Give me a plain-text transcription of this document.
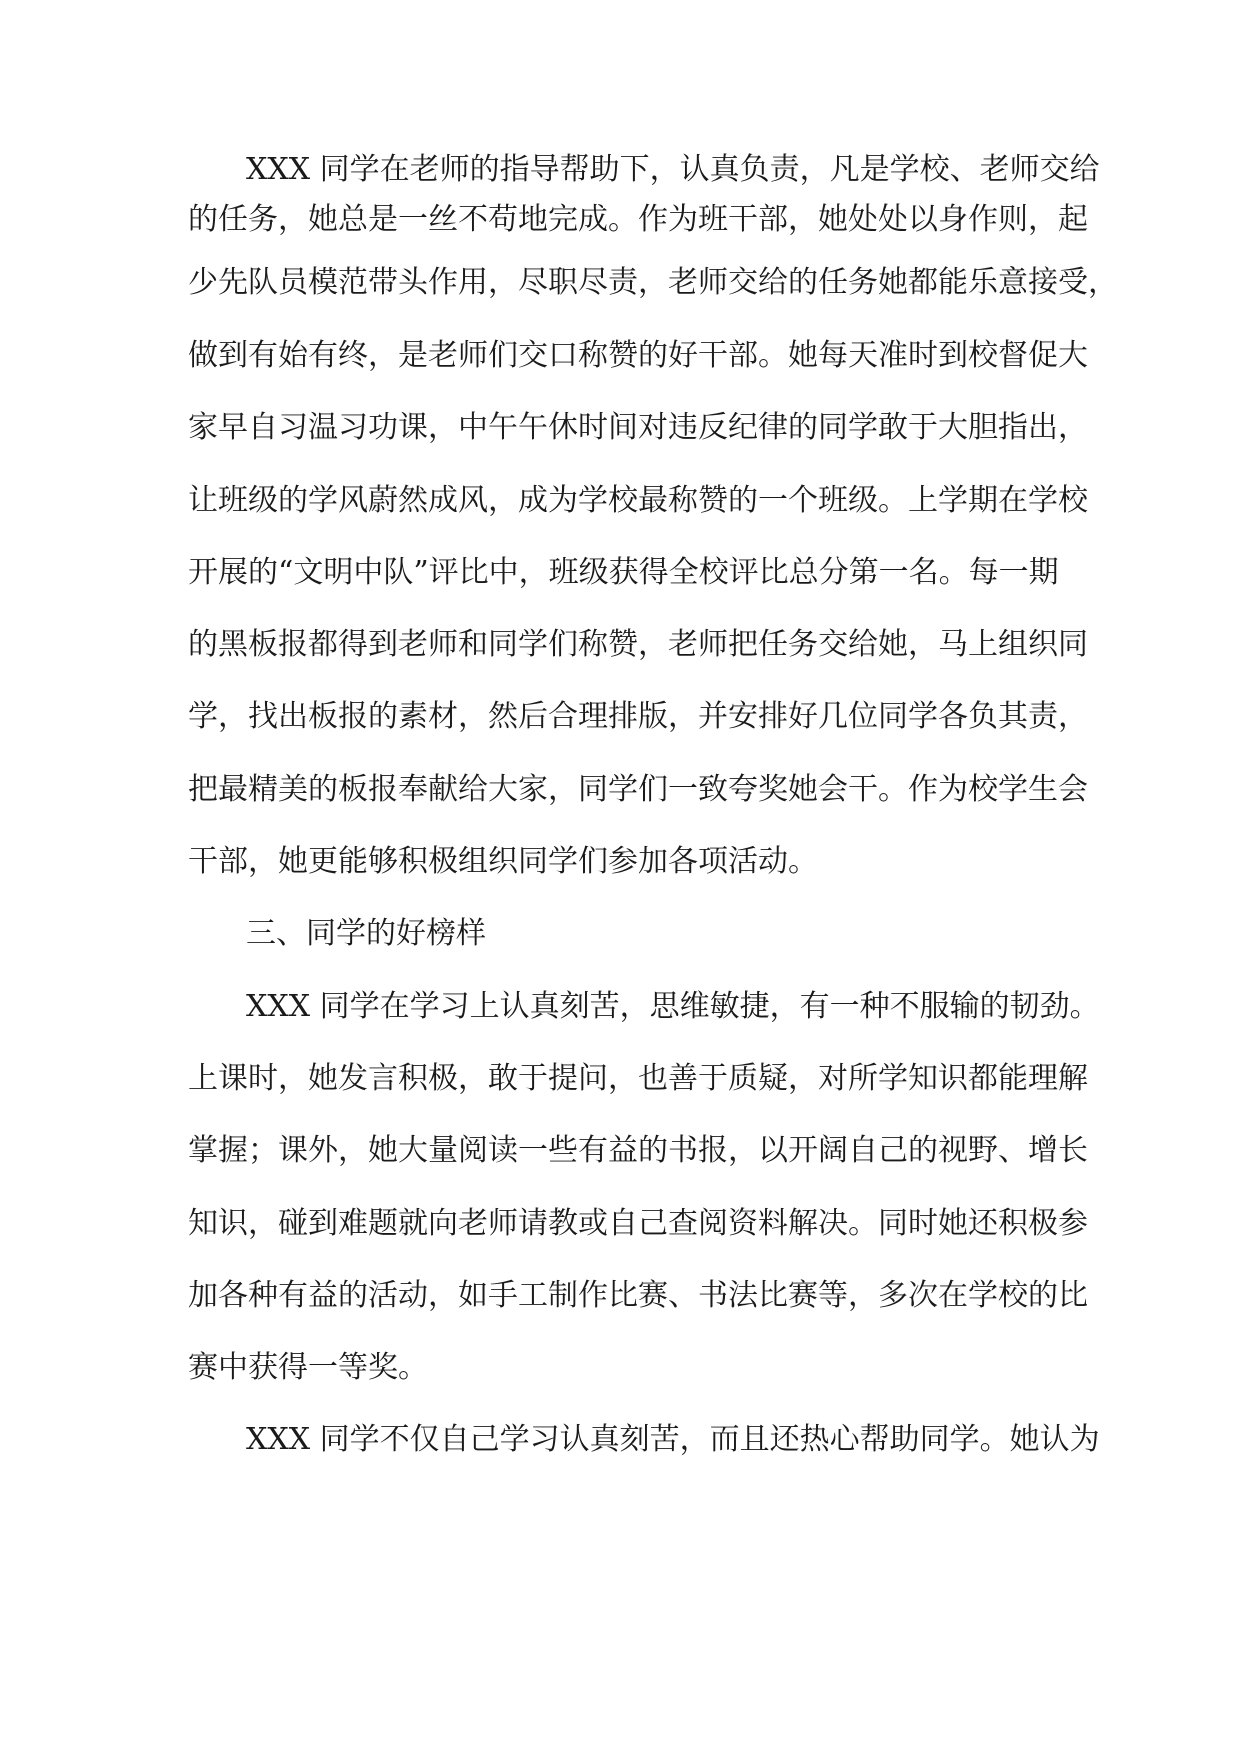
XXX 同学在老师的指导帮助下，认真负责，凡是学校、老师交给
的任务，她总是一丝不苟地完成。作为班干部，她处处以身作则，起
少先队员模范带头作用，尽职尽责，老师交给的任务她都能乐意接受，
做到有始有终，是老师们交口称赞的好干部。她每天准时到校督促大
家早自习温习功课，中午午休时间对违反纪律的同学敢于大胆指出，
让班级的学风蔚然成风，成为学校最称赞的一个班级。上学期在学校
开展的“文明中队”评比中，班级获得全校评比总分第一名。每一期
的黑板报都得到老师和同学们称赞，老师把任务交给她，马上组织同
学，找出板报的素材，然后合理排版，并安排好几位同学各负其责，
把最精美的板报奉献给大家，同学们一致夸奖她会干。作为校学生会
干部，她更能够积极组织同学们参加各项活动。
三、同学的好榜样
XXX 同学在学习上认真刻苦，思维敏捷，有一种不服输的韧劲。
上课时，她发言积极，敢于提问，也善于质疑，对所学知识都能理解
掌握；课外，她大量阅读一些有益的书报，以开阔自己的视野、增长
知识，碰到难题就向老师请教或自己查阅资料解决。同时她还积极参
加各种有益的活动，如手工制作比赛、书法比赛等，多次在学校的比
赛中获得一等奖。
XXX 同学不仅自己学习认真刻苦，而且还热心帮助同学。她认为
